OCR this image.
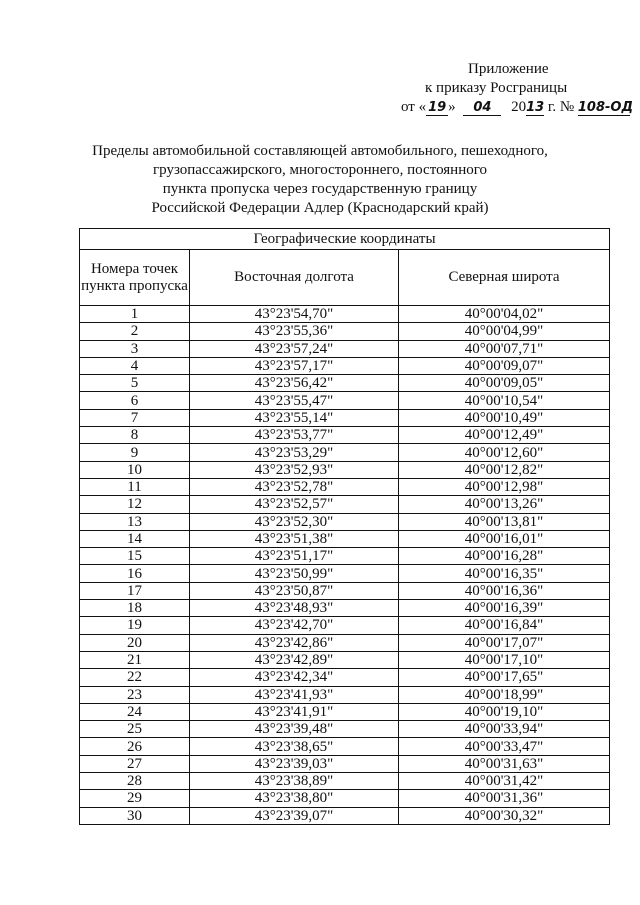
Приложение
к приказу Росграницы
от « 19 » 04 2013 г. № 108-ОД
Пределы автомобильной составляющей автомобильного, пешеходного,
грузопассажирского, многостороннего, постоянного
пункта пропуска через государственную границу
Российской Федерации Адлер (Краснодарский край)
Географические координаты		
Номера точек пункта пропуска	Восточная долгота	Северная широта
1	43°23'54,70"	40°00'04,02"
2	43°23'55,36"	40°00'04,99"
3	43°23'57,24"	40°00'07,71"
4	43°23'57,17"	40°00'09,07"
5	43°23'56,42"	40°00'09,05"
6	43°23'55,47"	40°00'10,54"
7	43°23'55,14"	40°00'10,49"
8	43°23'53,77"	40°00'12,49"
9	43°23'53,29"	40°00'12,60"
10	43°23'52,93"	40°00'12,82"
11	43°23'52,78"	40°00'12,98"
12	43°23'52,57"	40°00'13,26"
13	43°23'52,30"	40°00'13,81"
14	43°23'51,38"	40°00'16,01"
15	43°23'51,17"	40°00'16,28"
16	43°23'50,99"	40°00'16,35"
17	43°23'50,87"	40°00'16,36"
18	43°23'48,93"	40°00'16,39"
19	43°23'42,70"	40°00'16,84"
20	43°23'42,86"	40°00'17,07"
21	43°23'42,89"	40°00'17,10"
22	43°23'42,34"	40°00'17,65"
23	43°23'41,93"	40°00'18,99"
24	43°23'41,91"	40°00'19,10"
25	43°23'39,48"	40°00'33,94"
26	43°23'38,65"	40°00'33,47"
27	43°23'39,03"	40°00'31,63"
28	43°23'38,89"	40°00'31,42"
29	43°23'38,80"	40°00'31,36"
30	43°23'39,07"	40°00'30,32"
